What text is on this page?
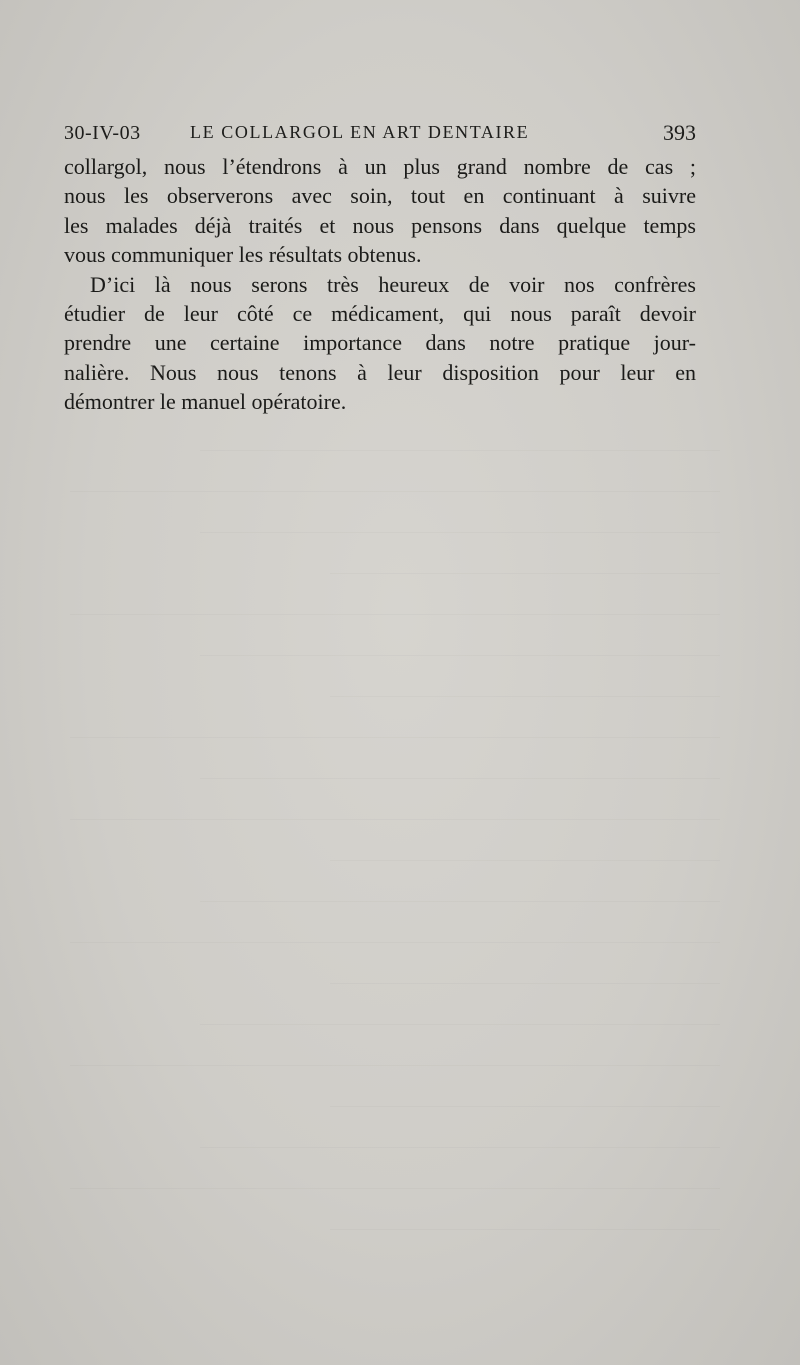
30-IV-03	LE COLLARGOL EN ART DENTAIRE	393
collargol, nous l’étendrons à un plus grand nombre de cas ;
nous les observerons avec soin, tout en continuant à suivre
les malades déjà traités et nous pensons dans quelque temps
vous communiquer les résultats obtenus.
D’ici là nous serons très heureux de voir nos confrères
étudier de leur côté ce médicament, qui nous paraît devoir
prendre une certaine importance dans notre pratique jour-
nalière. Nous nous tenons à leur disposition pour leur en
démontrer le manuel opératoire.
